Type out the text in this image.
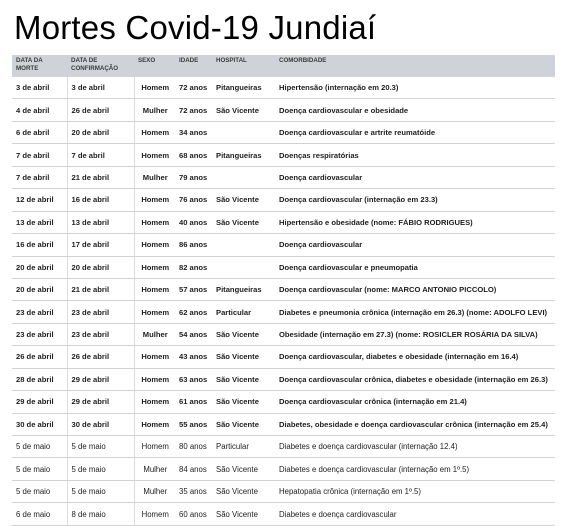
Mortes Covid-19 Jundiaí
DATA DA MORTE	DATA DE CONFIRMAÇÃO	SEXO	IDADE	HOSPITAL	COMORBIDADE
3 de abril	3 de abril	Homem	72 anos	Pitangueiras	Hipertensão (internação em 20.3)
4 de abril	26 de abril	Mulher	72 anos	São Vicente	Doença cardiovascular e obesidade
6 de abril	20 de abril	Homem	34 anos		Doença cardiovascular e artrite reumatóide
7 de abril	7 de abril	Homem	68 anos	Pitangueiras	Doenças respiratórias
7 de abril	21 de abril	Mulher	79 anos		Doença cardiovascular
12 de abril	16 de abril	Homem	76 anos	São Vicente	Doença cardiovascular (internação em 23.3)
13 de abril	13 de abril	Homem	40 anos	São Vicente	Hipertensão e obesidade (nome: FÁBIO RODRIGUES)
16 de abril	17 de abril	Homem	86 anos		Doença cardiovascular
20 de abril	20 de abril	Homem	82 anos		Doença cardiovascular e pneumopatia
20 de abril	21 de abril	Homem	57 anos	Pitangueiras	Doença cardiovascular (nome: MARCO ANTONIO PICCOLO)
23 de abril	23 de abril	Homem	62 anos	Particular	Diabetes e pneumonia crônica (internação em 26.3) (nome: ADOLFO LEVI)
23 de abril	23 de abril	Mulher	54 anos	São Vicente	Obesidade (internação em 27.3) (nome: ROSICLER ROSÁRIA DA SILVA)
26 de abril	26 de abril	Homem	43 anos	São Vicente	Doença cardiovascular, diabetes e obesidade (internação em 16.4)
28 de abril	29 de abril	Homem	63 anos	São Vicente	Doença cardiovascular crônica, diabetes e obesidade (internação em 26.3)
29 de abril	29 de abril	Homem	61 anos	São Vicente	Doença cardiovascular crônica (internação em 21.4)
30 de abril	30 de abril	Homem	55 anos	São Vicente	Diabetes, obesidade e doença cardiovascular crônica (internação em 25.4)
5 de maio	5 de maio	Homem	80 anos	Particular	Diabetes e doença cardiovascular (internação 12.4)
5 de maio	5 de maio	Mulher	84 anos	São Vicente	Diabetes e doença cardiovascular (internação em 1º.5)
5 de maio	5 de maio	Mulher	35 anos	São Vicente	Hepatopatia crônica (internação em 1º.5)
6 de maio	8 de maio	Homem	60 anos	São Vicente	Diabetes e doença cardiovascular
